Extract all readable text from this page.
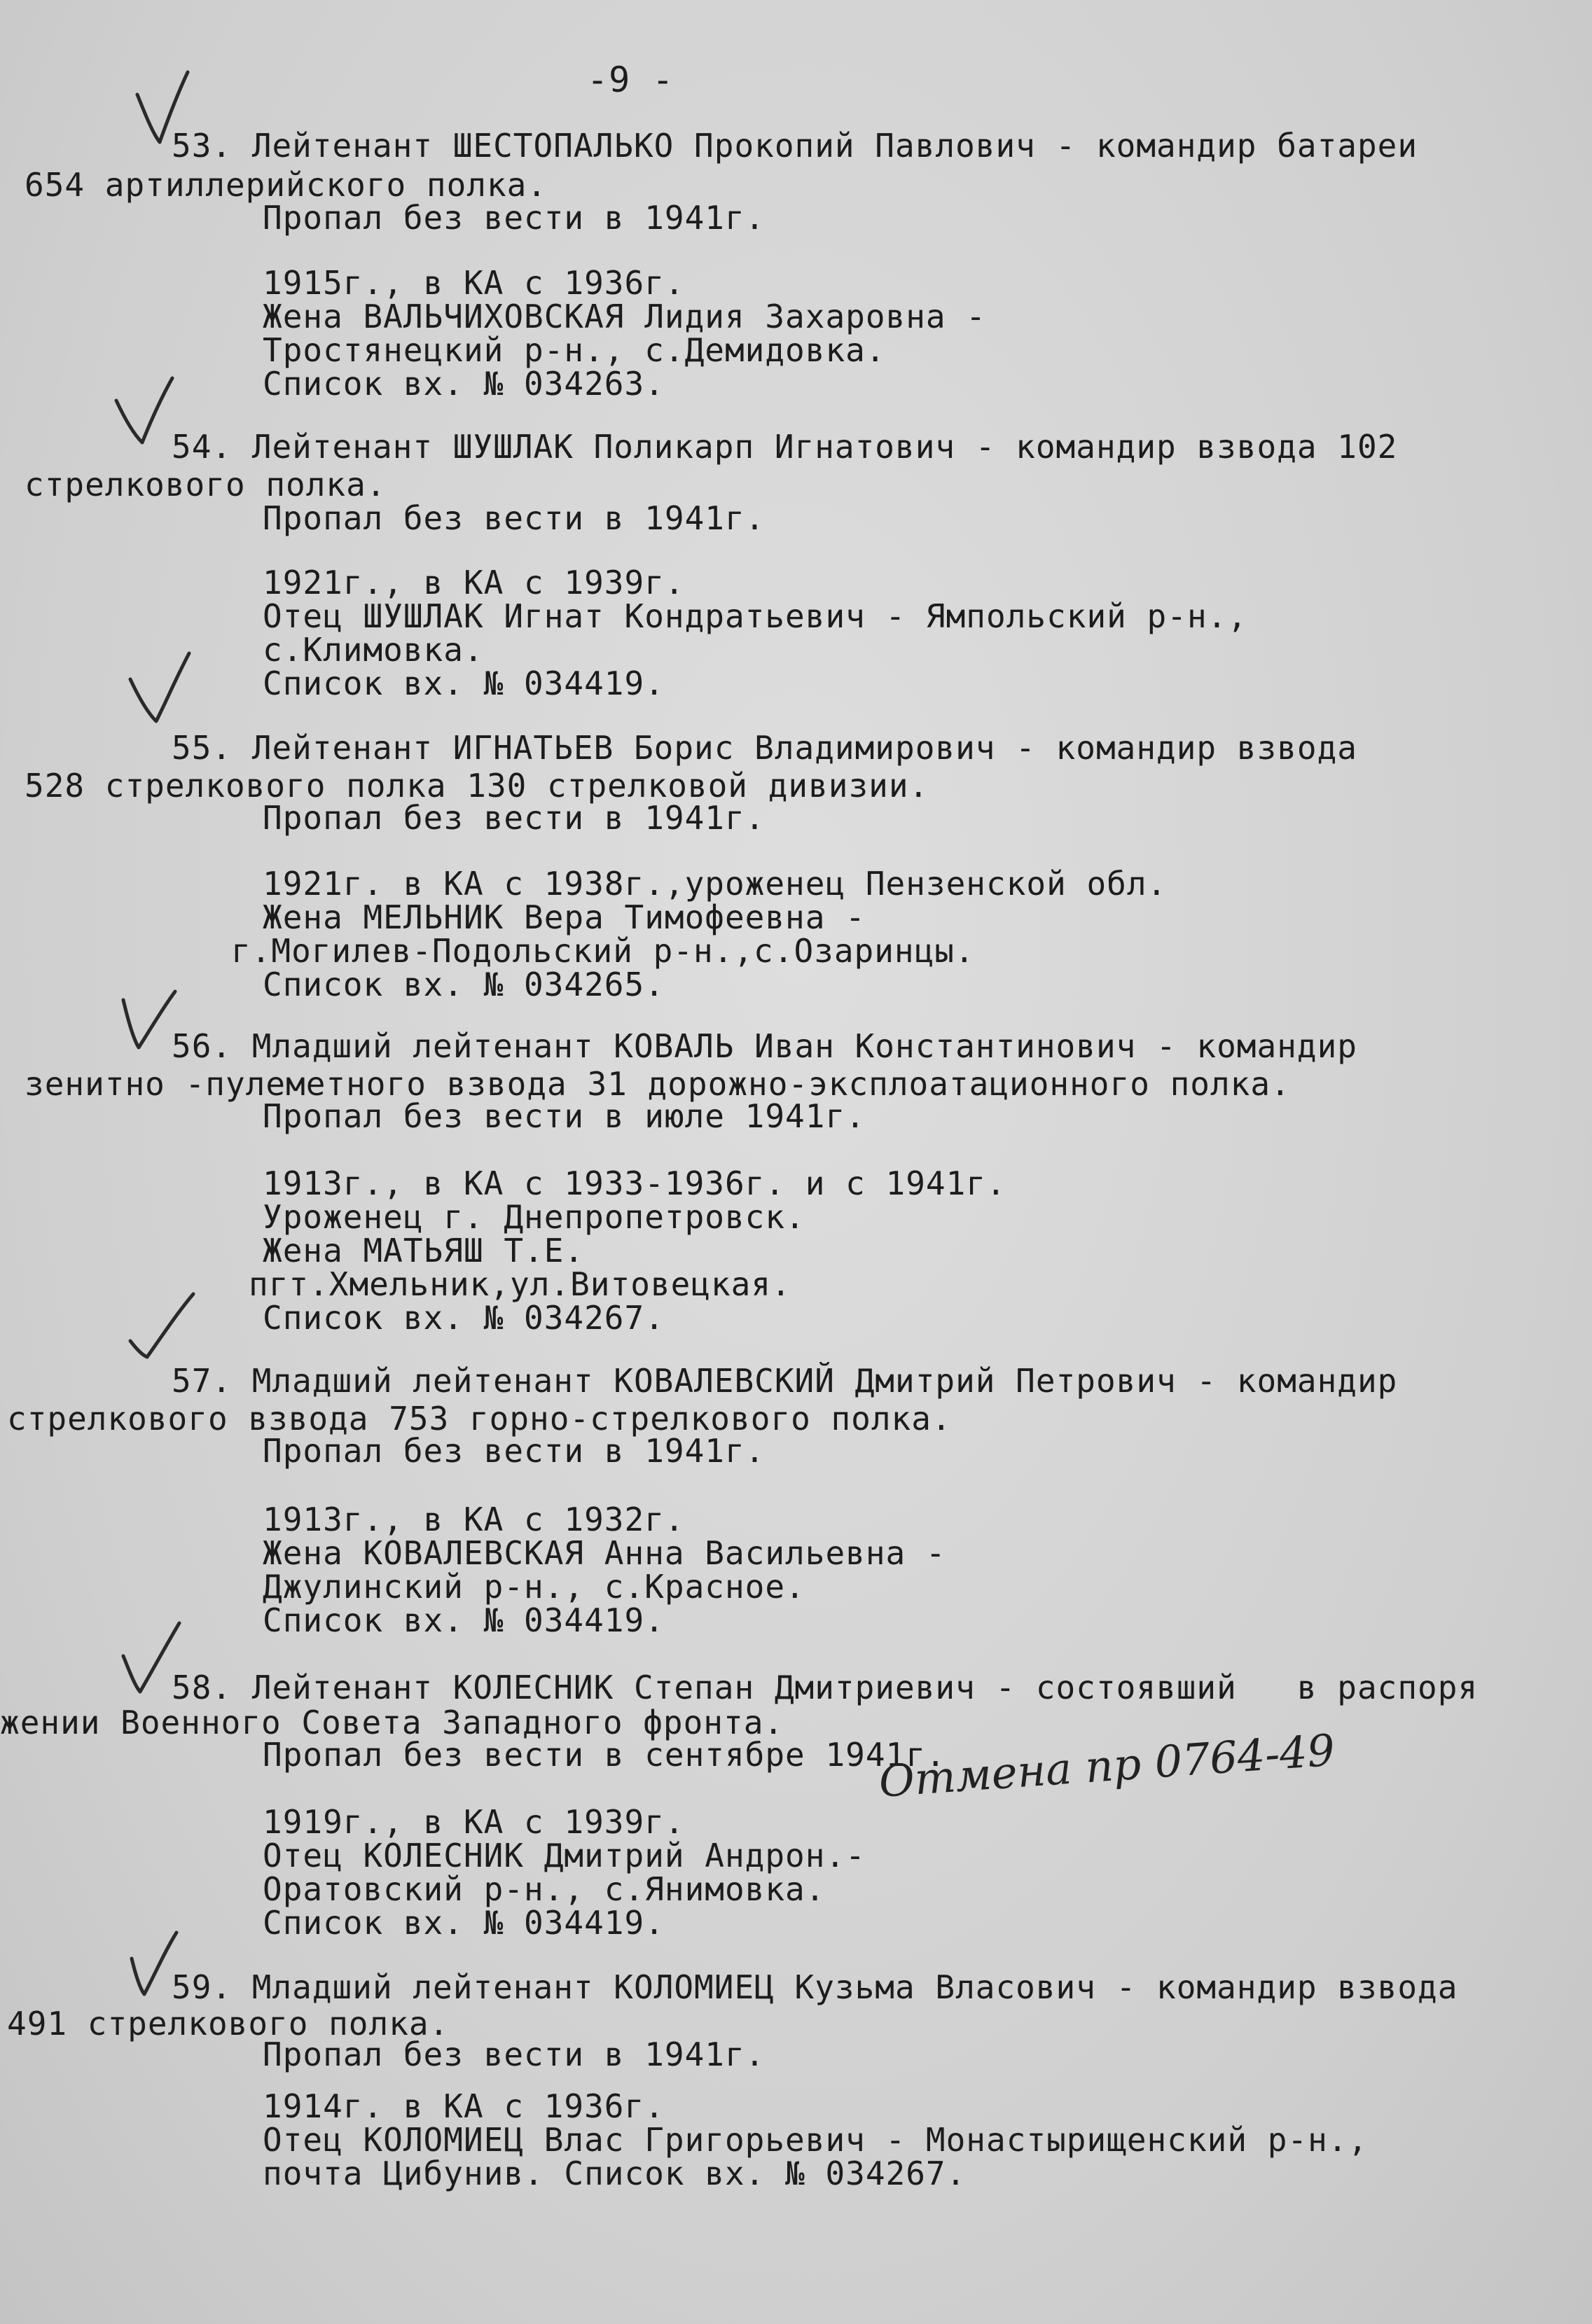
-9 -
53. Лейтенант ШЕСТОПАЛЬКО Прокопий Павлович - командир батареи
654 артиллерийского полка.
Пропал без вести в 1941г.
1915г., в КА с 1936г.
Жена ВАЛЬЧИХОВСКАЯ Лидия Захаровна -
Тростянецкий р-н., с.Демидовка.
Список вх. № 034263.
54. Лейтенант ШУШЛАК Поликарп Игнатович - командир взвода 102
стрелкового полка.
Пропал без вести в 1941г.
1921г., в КА с 1939г.
Отец ШУШЛАК Игнат Кондратьевич - Ямпольский р-н.,
с.Климовка.
Список вх. № 034419.
55. Лейтенант ИГНАТЬЕВ Борис Владимирович - командир взвода
528 стрелкового полка 130 стрелковой дивизии.
Пропал без вести в 1941г.
1921г. в КА с 1938г.,уроженец Пензенской обл.
Жена МЕЛЬНИК Вера Тимофеевна -
г.Могилев-Подольский р-н.,с.Озаринцы.
Список вх. № 034265.
56. Младший лейтенант КОВАЛЬ Иван Константинович - командир
зенитно -пулеметного взвода 31 дорожно-эксплоатационного полка.
Пропал без вести в июле 1941г.
1913г., в КА с 1933-1936г. и с 1941г.
Уроженец г. Днепропетровск.
Жена МАТЬЯШ Т.Е.
пгт.Хмельник,ул.Витовецкая.
Список вх. № 034267.
57. Младший лейтенант КОВАЛЕВСКИЙ Дмитрий Петрович - командир
стрелкового взвода 753 горно-стрелкового полка.
Пропал без вести в 1941г.
1913г., в КА с 1932г.
Жена КОВАЛЕВСКАЯ Анна Васильевна -
Джулинский р-н., с.Красное.
Список вх. № 034419.
58. Лейтенант КОЛЕСНИК Степан Дмитриевич - состоявший   в распоря
жении Военного Совета Западного фронта.
Пропал без вести в сентябре 1941г.
Отмена пр 0764-49
1919г., в КА с 1939г.
Отец КОЛЕСНИК Дмитрий Андрон.-
Оратовский р-н., с.Янимовка.
Список вх. № 034419.
59. Младший лейтенант КОЛОМИЕЦ Кузьма Власович - командир взвода
491 стрелкового полка.
Пропал без вести в 1941г.
1914г. в КА с 1936г.
Отец КОЛОМИЕЦ Влас Григорьевич - Монастырищенский р-н.,
почта Цибунив. Список вх. № 034267.
